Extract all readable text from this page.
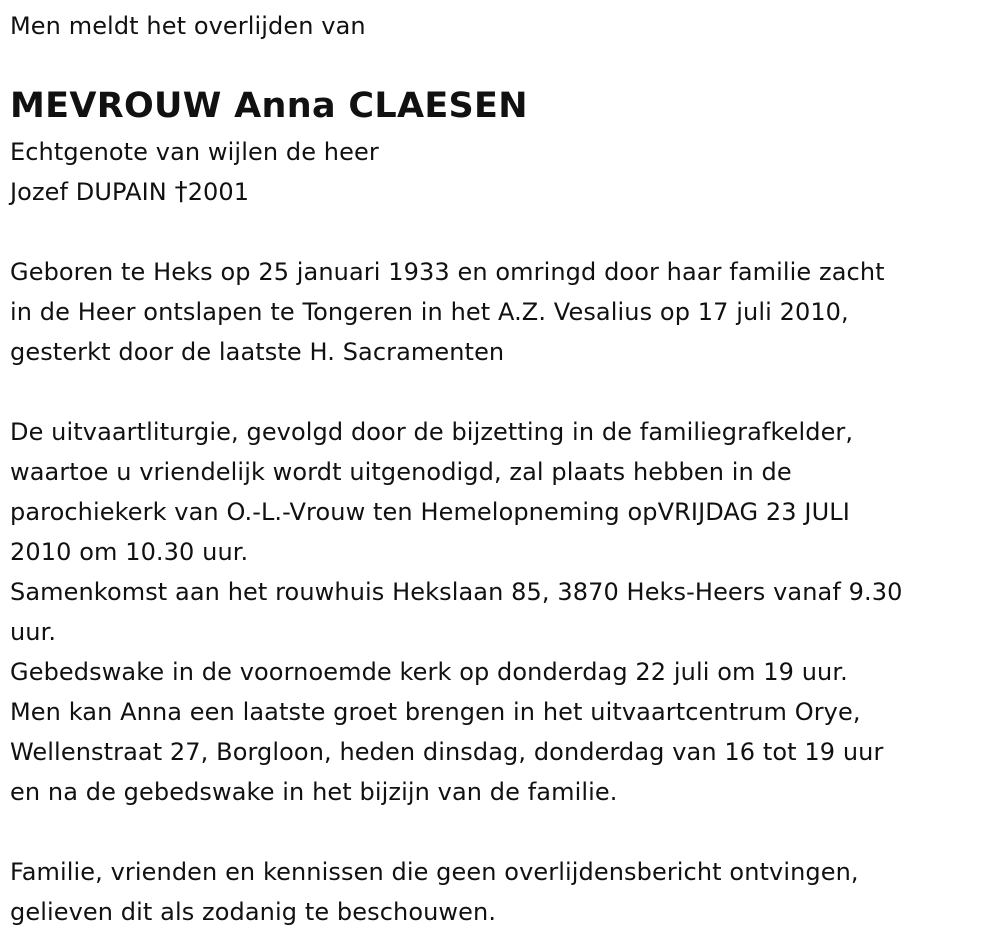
Men meldt het overlijden van
MEVROUW Anna CLAESEN
Echtgenote van wijlen de heer
Jozef DUPAIN †2001
Geboren te Heks op 25 januari 1933 en omringd door haar familie zacht
in de Heer ontslapen te Tongeren in het A.Z. Vesalius op 17 juli 2010,
gesterkt door de laatste H. Sacramenten
De uitvaartliturgie, gevolgd door de bijzetting in de familiegrafkelder,
waartoe u vriendelijk wordt uitgenodigd, zal plaats hebben in de
parochiekerk van O.-L.-Vrouw ten Hemelopneming opVRIJDAG 23 JULI
2010 om 10.30 uur.
Samenkomst aan het rouwhuis Hekslaan 85, 3870 Heks-Heers vanaf 9.30
uur.
Gebedswake in de voornoemde kerk op donderdag 22 juli om 19 uur.
Men kan Anna een laatste groet brengen in het uitvaartcentrum Orye,
Wellenstraat 27, Borgloon, heden dinsdag, donderdag van 16 tot 19 uur
en na de gebedswake in het bijzijn van de familie.
Familie, vrienden en kennissen die geen overlijdensbericht ontvingen,
gelieven dit als zodanig te beschouwen.
